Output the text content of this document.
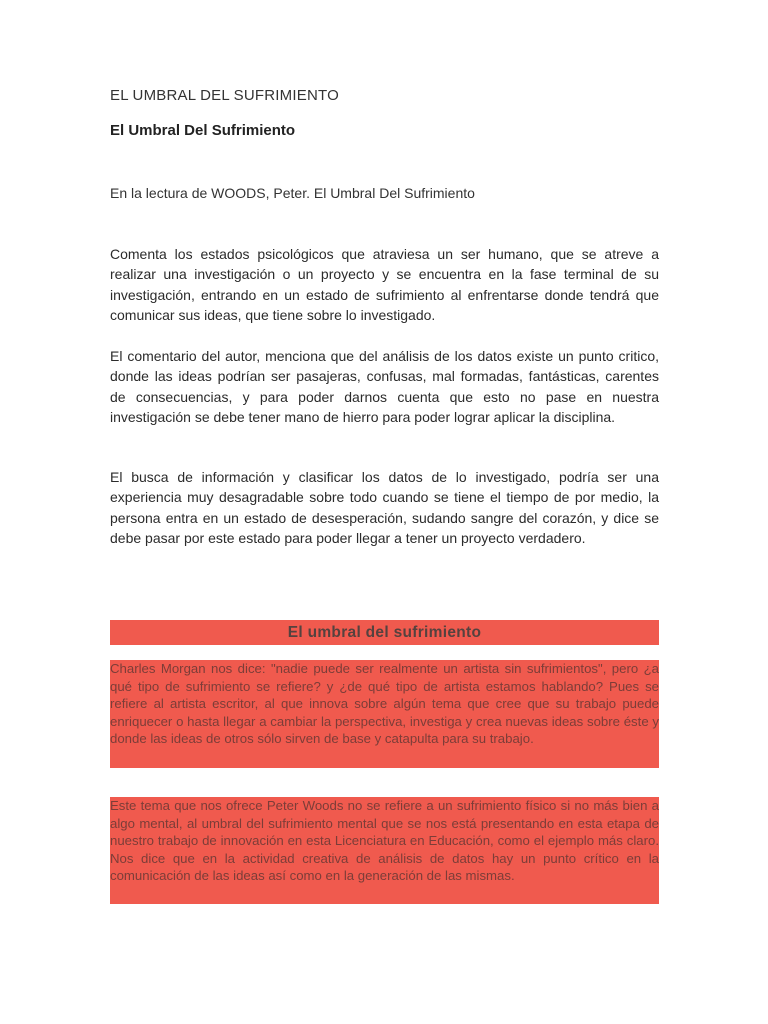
EL UMBRAL DEL SUFRIMIENTO
El Umbral Del Sufrimiento
En la lectura de WOODS, Peter. El Umbral Del Sufrimiento

Comenta los estados psicológicos que atraviesa un ser humano, que se atreve a realizar una investigación o un proyecto y se encuentra en la fase terminal de su investigación, entrando en un estado de sufrimiento al enfrentarse donde tendrá que comunicar sus ideas, que tiene sobre lo investigado.

El comentario del autor, menciona que del análisis de los datos existe un punto critico, donde las ideas podrían ser pasajeras, confusas, mal formadas, fantásticas, carentes de consecuencias, y para poder darnos cuenta que esto no pase en nuestra investigación se debe tener mano de hierro para poder lograr aplicar la disciplina.

El busca de información y clasificar los datos de lo investigado, podría ser una experiencia muy desagradable sobre todo cuando se tiene el tiempo de por medio, la persona entra en un estado de desesperación, sudando sangre del corazón, y dice se debe pasar por este estado para poder llegar a tener un proyecto verdadero.

El umbral del sufrimiento

Charles Morgan nos dice: "nadie puede ser realmente un artista sin sufrimientos", pero ¿a qué tipo de sufrimiento se refiere? y ¿de qué tipo de artista estamos hablando? Pues se refiere al artista escritor, al que innova sobre algún tema que cree que su trabajo puede enriquecer o hasta llegar a cambiar la perspectiva, investiga y crea nuevas ideas sobre éste y donde las ideas de otros sólo sirven de base y catapulta para su trabajo.

Este tema que nos ofrece Peter Woods no se refiere a un sufrimiento físico si no más bien a algo mental, al umbral del sufrimiento mental que se nos está presentando en esta etapa de nuestro trabajo de innovación en esta Licenciatura en Educación, como el ejemplo más claro. Nos dice que en la actividad creativa de análisis de datos hay un punto crítico en la comunicación de las ideas así como en la generación de las mismas.
